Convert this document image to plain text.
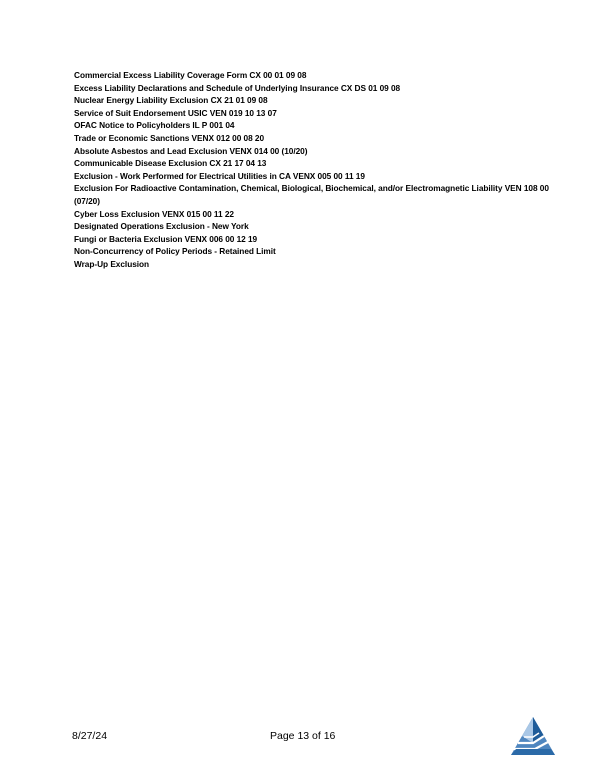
Commercial Excess Liability Coverage Form CX 00 01 09 08

Excess Liability Declarations and Schedule of Underlying Insurance CX DS 01 09 08

Nuclear Energy Liability Exclusion CX 21 01 09 08

Service of Suit Endorsement USIC VEN 019 10 13 07

OFAC Notice to Policyholders IL P 001 04

Trade or Economic Sanctions VENX 012 00 08 20

Absolute Asbestos and Lead Exclusion VENX 014 00 (10/20)

Communicable Disease Exclusion CX 21 17 04 13

Exclusion - Work Performed for Electrical Utilities in CA VENX 005 00 11 19

Exclusion For Radioactive Contamination, Chemical, Biological, Biochemical, and/or Electromagnetic Liability VEN 108 00 (07/20)

Cyber Loss Exclusion VENX 015 00 11 22

Designated Operations Exclusion - New York

Fungi or Bacteria Exclusion VENX 006 00 12 19

Non-Concurrency of Policy Periods - Retained Limit

Wrap-Up Exclusion

8/27/24	Page 13 of 16
